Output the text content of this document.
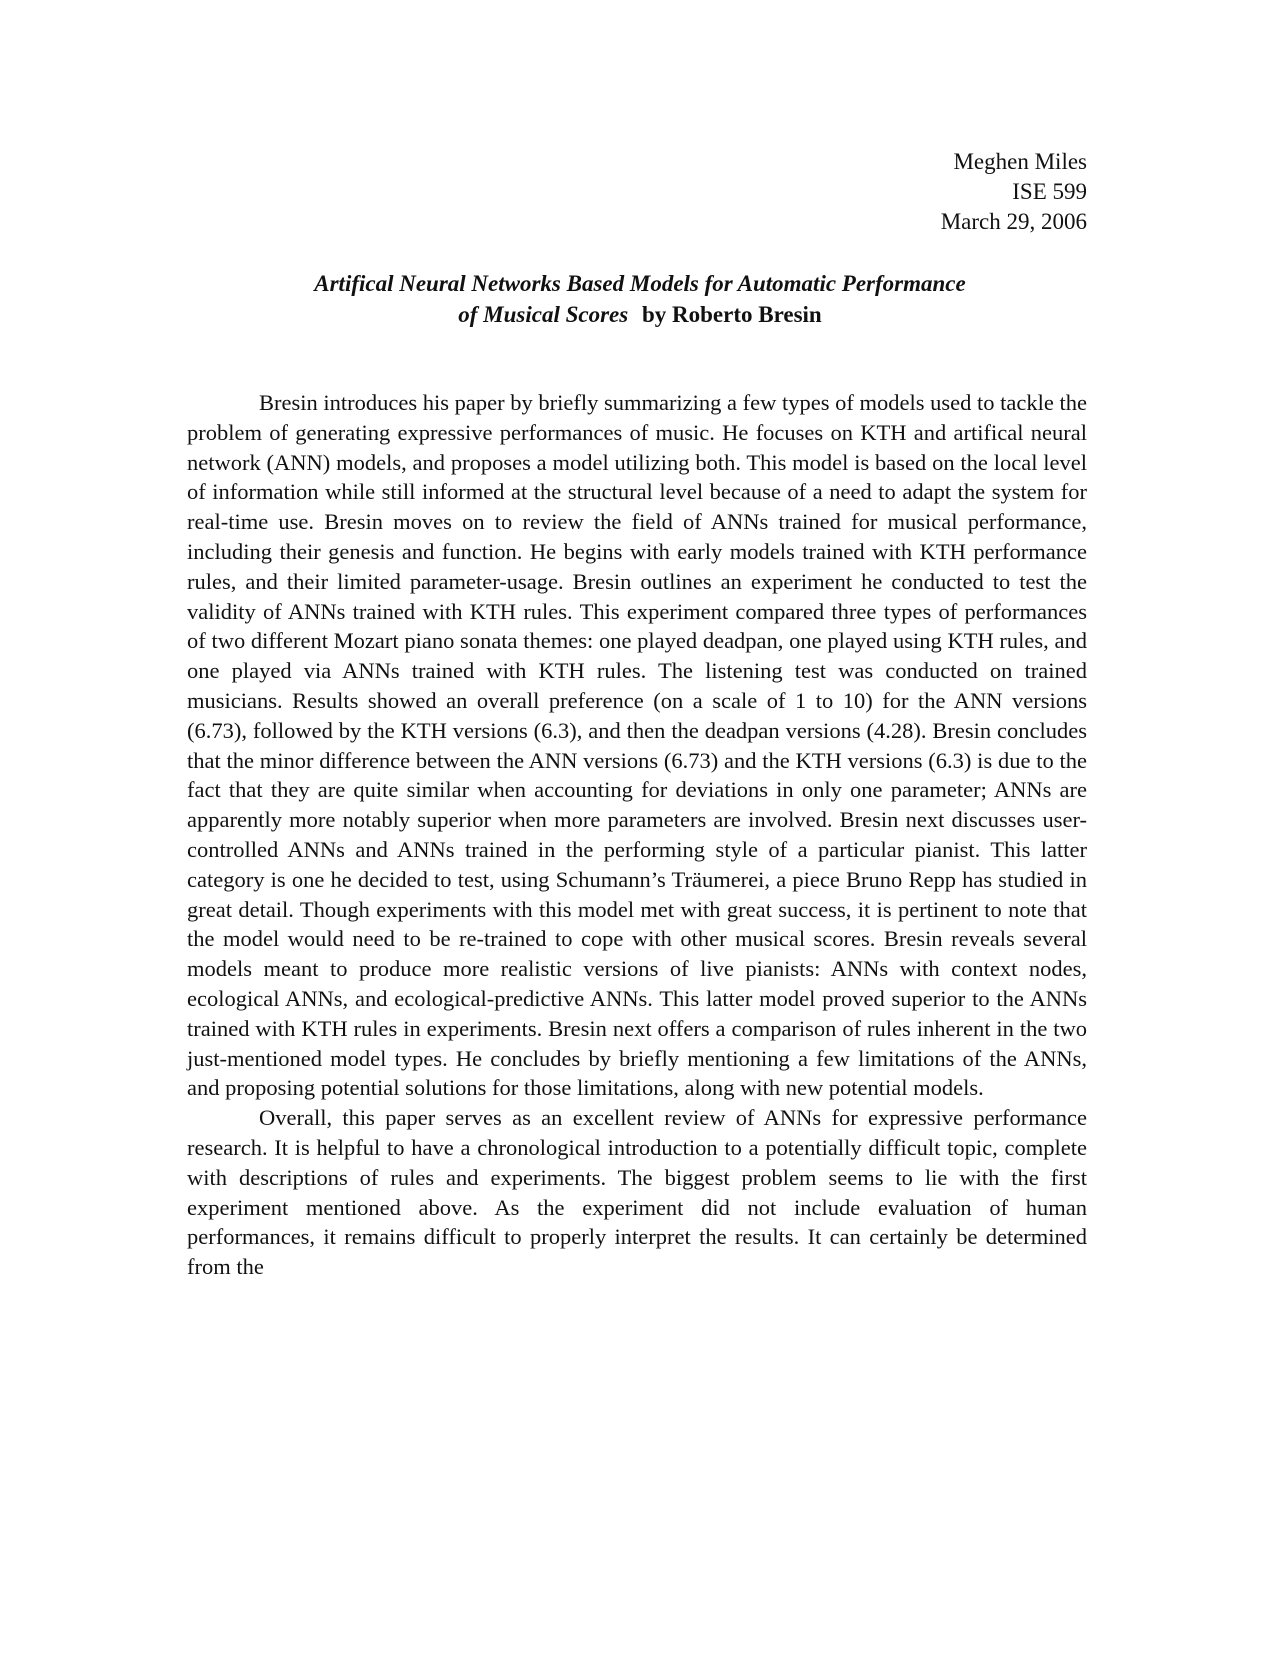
Meghen Miles
ISE 599
March 29, 2006
Artifical Neural Networks Based Models for Automatic Performance
of Musical Scores by Roberto Bresin

Bresin introduces his paper by briefly summarizing a few types of models used to tackle the problem of generating expressive performances of music. He focuses on KTH and artifical neural network (ANN) models, and proposes a model utilizing both. This model is based on the local level of information while still informed at the structural level because of a need to adapt the system for real-time use. Bresin moves on to review the field of ANNs trained for musical performance, including their genesis and function. He begins with early models trained with KTH performance rules, and their limited parameter-usage. Bresin outlines an experiment he conducted to test the validity of ANNs trained with KTH rules. This experiment compared three types of performances of two different Mozart piano sonata themes: one played deadpan, one played using KTH rules, and one played via ANNs trained with KTH rules. The listening test was conducted on trained musicians. Results showed an overall preference (on a scale of 1 to 10) for the ANN versions (6.73), followed by the KTH versions (6.3), and then the deadpan versions (4.28). Bresin concludes that the minor difference between the ANN versions (6.73) and the KTH versions (6.3) is due to the fact that they are quite similar when accounting for deviations in only one parameter; ANNs are apparently more notably superior when more parameters are involved. Bresin next discusses user-controlled ANNs and ANNs trained in the performing style of a particular pianist. This latter category is one he decided to test, using Schumann’s Träumerei, a piece Bruno Repp has studied in great detail. Though experiments with this model met with great success, it is pertinent to note that the model would need to be re-trained to cope with other musical scores. Bresin reveals several models meant to produce more realistic versions of live pianists: ANNs with context nodes, ecological ANNs, and ecological-predictive ANNs. This latter model proved superior to the ANNs trained with KTH rules in experiments. Bresin next offers a comparison of rules inherent in the two just-mentioned model types. He concludes by briefly mentioning a few limitations of the ANNs, and proposing potential solutions for those limitations, along with new potential models.

Overall, this paper serves as an excellent review of ANNs for expressive performance research. It is helpful to have a chronological introduction to a potentially difficult topic, complete with descriptions of rules and experiments. The biggest problem seems to lie with the first experiment mentioned above. As the experiment did not include evaluation of human performances, it remains difficult to properly interpret the results. It can certainly be determined from the
